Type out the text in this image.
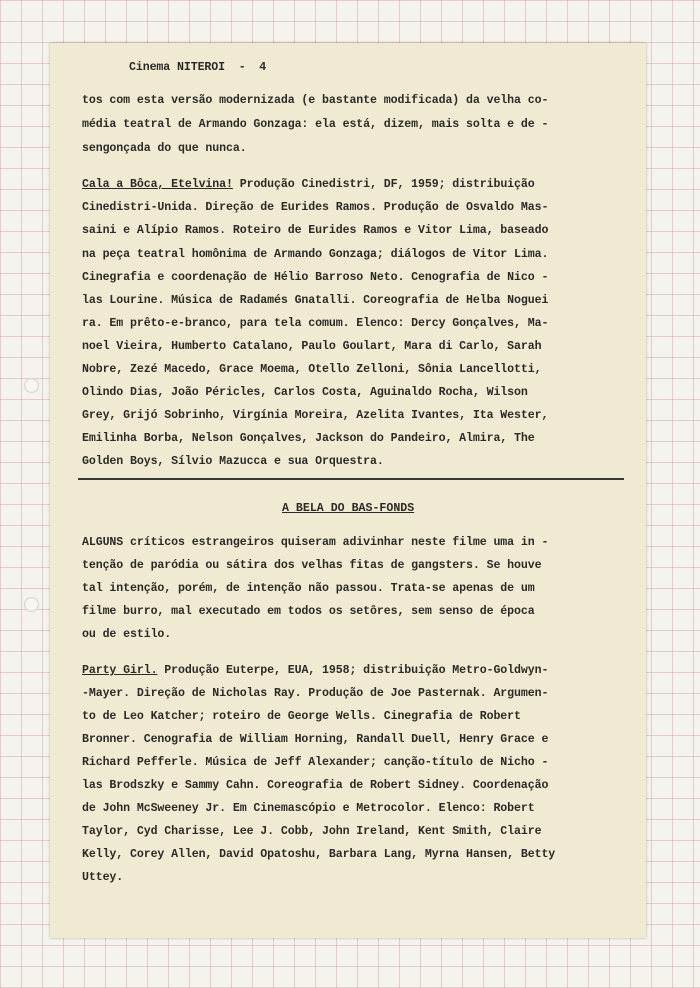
Cinema NITEROI  -  4
tos com esta versão modernizada (e bastante modificada) da velha co-
média teatral de Armando Gonzaga: ela está, dizem, mais solta e de -
sengonçada do que nunca.
Cala a Bôca, Etelvina! Produção Cinedistri, DF, 1959; distribuição
Cinedistri-Unida. Direção de Eurides Ramos. Produção de Osvaldo Mas-
saini e Alípio Ramos. Roteiro de Eurides Ramos e Vitor Lima, baseado
na peça teatral homônima de Armando Gonzaga; diálogos de Vitor Lima.
Cinegrafia e coordenação de Hélio Barroso Neto. Cenografia de Nico -
las Lourine. Música de Radamés Gnatalli. Coreografia de Helba Noguei
ra. Em prêto-e-branco, para tela comum. Elenco: Dercy Gonçalves, Ma-
noel Vieira, Humberto Catalano, Paulo Goulart, Mara di Carlo, Sarah
Nobre, Zezé Macedo, Grace Moema, Otello Zelloni, Sônia Lancellotti,
Olindo Dias, João Péricles, Carlos Costa, Aguinaldo Rocha, Wilson
Grey, Grijó Sobrinho, Virgínia Moreira, Azelita Ivantes, Ita Wester,
Emilinha Borba, Nelson Gonçalves, Jackson do Pandeiro, Almira, The
Golden Boys, Sílvio Mazucca e sua Orquestra.
A BELA DO BAS-FONDS
ALGUNS críticos estrangeiros quiseram adivinhar neste filme uma in -
tenção de paródia ou sátira dos velhas fitas de gangsters. Se houve
tal intenção, porém, de intenção não passou. Trata-se apenas de um
filme burro, mal executado em todos os setôres, sem senso de época
ou de estilo.
Party Girl. Produção Euterpe, EUA, 1958; distribuição Metro-Goldwyn-
-Mayer. Direção de Nicholas Ray. Produção de Joe Pasternak. Argumen-
to de Leo Katcher; roteiro de George Wells. Cinegrafia de Robert
Bronner. Cenografia de William Horning, Randall Duell, Henry Grace e
Richard Pefferle. Música de Jeff Alexander; canção-título de Nicho -
las Brodszky e Sammy Cahn. Coreografia de Robert Sidney. Coordenação
de John McSweeney Jr. Em Cinemascópio e Metrocolor. Elenco: Robert
Taylor, Cyd Charisse, Lee J. Cobb, John Ireland, Kent Smith, Claire
Kelly, Corey Allen, David Opatoshu, Barbara Lang, Myrna Hansen, Betty
Uttey.
